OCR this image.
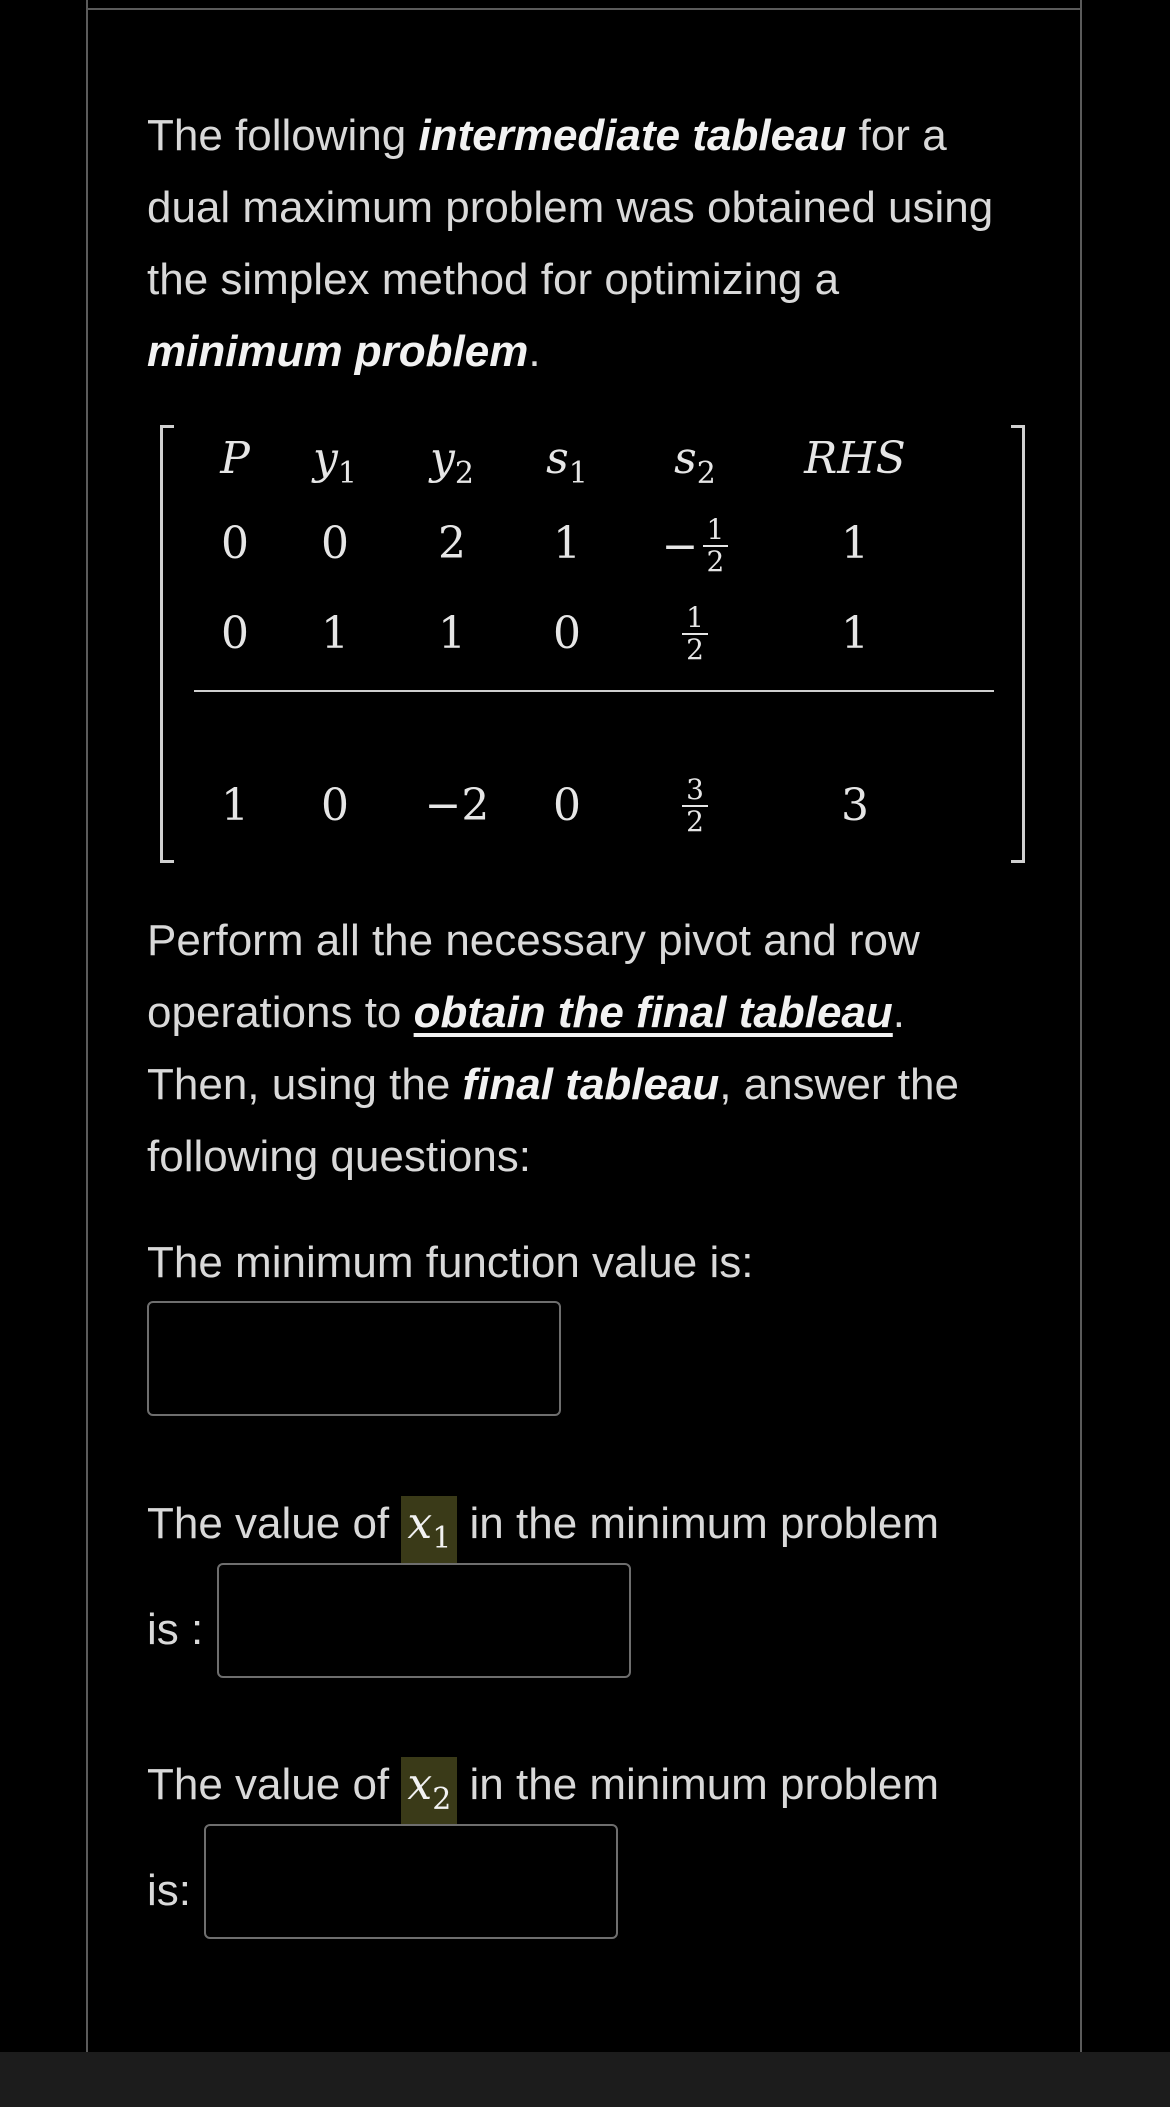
The following intermediate tableau for a dual maximum problem was obtained using the simplex method for optimizing a minimum problem.

P	$y_1$	$y_2$	$s_1$	$s_2$	RHS
0	0	2	1	− $\frac{1}{2}$	1
0	1	1	0	$\frac{1}{2}$	1
1	0	−2	0	$\frac{3}{2}$	3

Perform all the necessary pivot and row operations to obtain the final tableau. Then, using the final tableau, answer the following questions:

The minimum function value is:
The value of $x_1$ in the minimum problem
is :
The value of $x_2$ in the minimum problem
is:
